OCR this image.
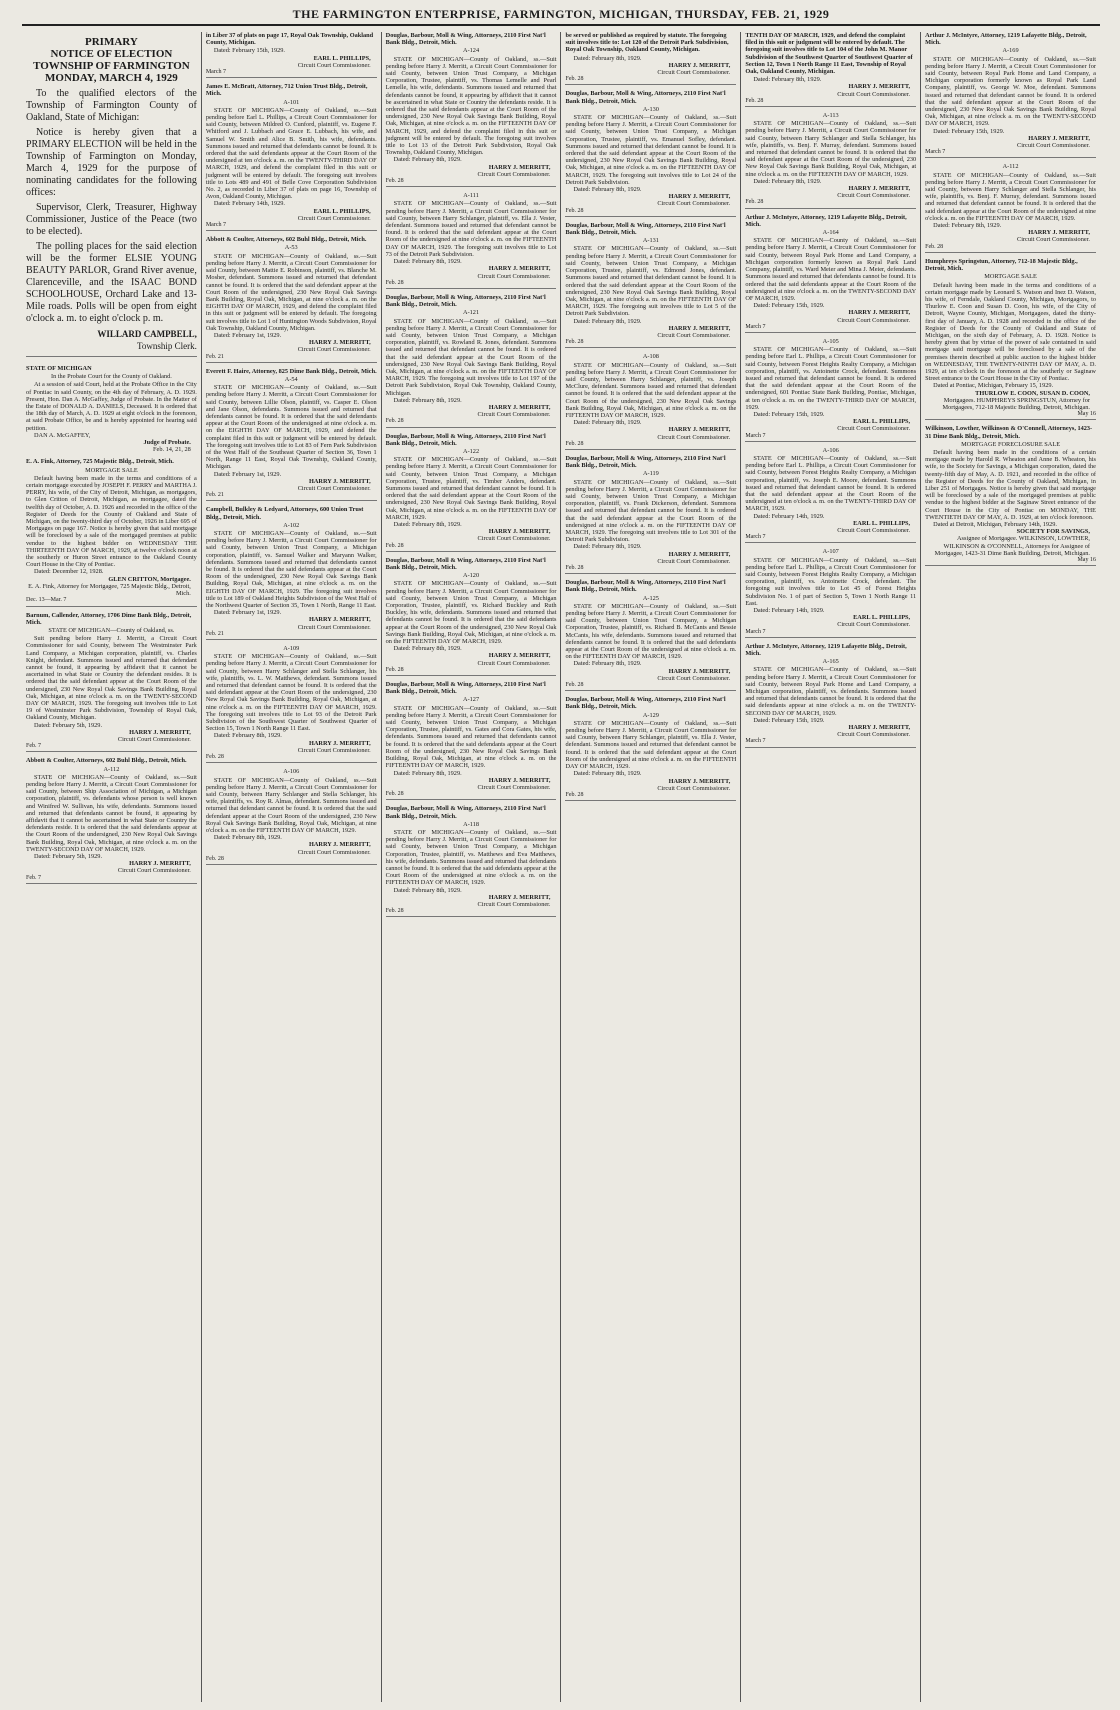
THE FARMINGTON ENTERPRISE, FARMINGTON, MICHIGAN, THURSDAY, FEB. 21, 1929
PRIMARY
NOTICE OF ELECTION
TOWNSHIP OF FARMINGTON
MONDAY, MARCH 4, 1929

To the qualified electors of the Township of Farmington County of Oakland, State of Michigan:

Notice is hereby given that a PRIMARY ELECTION will be held in the Township of Farmington on Monday, March 4, 1929 for the purpose of nominating candidates for the following offices:

Supervisor, Clerk, Treasurer, Highway Commissioner, Justice of the Peace (two to be elected).

The polling places for the said election will be the former ELSIE YOUNG BEAUTY PARLOR, Grand River avenue, Clarenceville, and the ISAAC BOND SCHOOLHOUSE, Orchard Lake and 13-Mile roads. Polls will be open from eight o'clock a. m. to eight o'clock p. m.

WILLARD CAMPBELL,
Township Clerk.
STATE OF MICHIGAN
In the Probate Court for the County of Oakland.
At a session of said Court, held at the Probate Office in the City of Pontiac in said County, on the 4th day of February, A. D. 1929. Present, Hon. Dan A. McGaffey, Judge of Probate. In the Matter of the Estate of DONALD A. DANIELS, Deceased. It is ordered that the 18th day of March, A. D. 1929 at eight o'clock in the forenoon, at said Probate Office, be and is hereby appointed for hearing said petition.
DAN A. McGAFFEY,
Judge of Probate.
Feb. 14, 21, 28
E. A. Fink, Attorney, 725 Majestic Bldg., Detroit, Mich.
MORTGAGE SALE
Default having been made in the terms and conditions of a certain mortgage executed by JOSEPH F. PERRY and MARTHA J. PERRY, his wife, of the City of Detroit, Michigan, as mortgagors, to Glen Critton of Detroit, Michigan, as mortgagee, dated the twelfth day of October, A. D. 1926 and recorded in the office of the Register of Deeds for the County of Oakland and State of Michigan, on the twenty-third day of October, 1926 in Liber 695 of Mortgages on page 167. Notice is hereby given that said mortgage will be foreclosed by a sale of the mortgaged premises at public vendue to the highest bidder on WEDNESDAY THE THIRTEENTH DAY OF MARCH, 1929, at twelve o'clock noon at the southerly or Huron Street entrance to the Oakland County Court House in the City of Pontiac.
Dated: December 12, 1928.
GLEN CRITTON, Mortgagee.
E. A. Fink, Attorney for Mortgagee, 725 Majestic Bldg., Detroit, Mich.
Dec. 13—Mar. 7
Barnum, Callender, Attorney, 1706 Dime Bank Bldg., Detroit, Mich.
STATE OF MICHIGAN—County of Oakland, ss.
Suit pending before Harry J. Merritt, a Circuit Court Commissioner for said County, between The Westminster Park Land Company, a Michigan corporation, plaintiff, vs. Charles Knight, defendant. Summons issued and returned that defendant cannot be found, it appearing by affidavit that it cannot be ascertained in what State or Country the defendant resides. It is ordered that the said defendant appear at the Court Room of the undersigned, 230 New Royal Oak Savings Bank Building, Royal Oak, Michigan, at nine o'clock a. m. on the TWENTY-SECOND DAY OF MARCH, 1929. The foregoing suit involves title to Lot 19 of Westminster Park Subdivision, Township of Royal Oak, Oakland County, Michigan.
Dated: February 5th, 1929.
HARRY J. MERRITT,
Circuit Court Commissioner.
Feb. 7
Abbott & Coulter, Attorneys, 602 Buhl Bldg., Detroit, Mich.
A-112
STATE OF MICHIGAN—County of Oakland, ss.—Suit pending before Harry J. Merritt, a Circuit Court Commissioner for said County, between Ship Association of Michigan, a Michigan corporation, plaintiff, vs. defendants whose person is well known and Winifred W. Sullivan, his wife, defendants. Summons issued and returned that defendants cannot be found, it appearing by affidavit that it cannot be ascertained in what State or Country the defendants reside. It is ordered that the said defendants appear at the Court Room of the undersigned, 230 New Royal Oak Savings Bank Building, Royal Oak, Michigan, at nine o'clock a. m. on the TWENTY-SECOND DAY OF MARCH, 1929.
Dated: February 5th, 1929.
HARRY J. MERRITT,
Circuit Court Commissioner.
Feb. 7
in Liber 37 of plats on page 17, Royal Oak Township, Oakland County, Michigan.
Dated: February 15th, 1929.
EARL L. PHILLIPS,
Circuit Court Commissioner.
March 7
James E. McBratt, Attorney, 712 Union Trust Bldg., Detroit, Mich.
A-101
STATE OF MICHIGAN—County of Oakland, ss.—Suit pending before Earl L. Phillips, a Circuit Court Commissioner for said County, between Mildred O. Cunford, plaintiff, vs. Eugene F. Whitford and J. Lubbach and Grace E. Lubbach, his wife, and Samuel W. Smith and Alice B. Smith, his wife, defendants. Summons issued and returned that defendants cannot be found. It is ordered that the said defendants appear at the Court Room of the undersigned at ten o'clock a. m. on the TWENTY-THIRD DAY OF MARCH, 1929, and defend the complaint filed in this suit or judgment will be entered by default. The foregoing suit involves title to Lots 489 and 491 of Belle Cove Corporation Subdivision No. 2, as recorded in Liber 37 of plats on page 16, Township of Avon, Oakland County, Michigan.
Dated: February 14th, 1929.
EARL L. PHILLIPS,
Circuit Court Commissioner.
March 7
Abbott & Coulter, Attorneys, 602 Buhl Bldg., Detroit, Mich.
A-53
STATE OF MICHIGAN—County of Oakland, ss.—Suit pending before Harry J. Merritt, a Circuit Court Commissioner for said County, between Mattie E. Robinson, plaintiff, vs. Blanche M. Mosher, defendant. Summons issued and returned that defendant cannot be found. It is ordered that the said defendant appear at the Court Room of the undersigned, 230 New Royal Oak Savings Bank Building, Royal Oak, Michigan, at nine o'clock a. m. on the EIGHTH DAY OF MARCH, 1929, and defend the complaint filed in this suit or judgment will be entered by default. The foregoing suit involves title to Lot 1 of Huntington Woods Subdivision, Royal Oak Township, Oakland County, Michigan.
Dated: February 1st, 1929.
HARRY J. MERRITT,
Circuit Court Commissioner.
Feb. 21
Everett F. Haire, Attorney, 825 Dime Bank Bldg., Detroit, Mich.
A-54
STATE OF MICHIGAN—County of Oakland, ss.—Suit pending before Harry J. Merritt, a Circuit Court Commissioner for said County, between Lillie Olson, plaintiff, vs. Casper E. Olson and Jane Olson, defendants. Summons issued and returned that defendants cannot be found. It is ordered that the said defendants appear at the Court Room of the undersigned at nine o'clock a. m. on the EIGHTH DAY OF MARCH, 1929, and defend the complaint filed in this suit or judgment will be entered by default. The foregoing suit involves title to Lot 83 of Fern Park Subdivision of the West Half of the Southeast Quarter of Section 36, Town 1 North, Range 11 East, Royal Oak Township, Oakland County, Michigan.
Dated: February 1st, 1929.
HARRY J. MERRITT,
Circuit Court Commissioner.
Feb. 21
Campbell, Bulkley & Ledyard, Attorneys, 600 Union Trust Bldg., Detroit, Mich.
A-102
STATE OF MICHIGAN—County of Oakland, ss.—Suit pending before Harry J. Merritt, a Circuit Court Commissioner for said County, between Union Trust Company, a Michigan corporation, plaintiff, vs. Samuel Walker and Maryann Walker, defendants. Summons issued and returned that defendants cannot be found. It is ordered that the said defendants appear at the Court Room of the undersigned, 230 New Royal Oak Savings Bank Building, Royal Oak, Michigan, at nine o'clock a. m. on the EIGHTH DAY OF MARCH, 1929. The foregoing suit involves title to Lot 189 of Oakland Heights Subdivision of the West Half of the Northwest Quarter of Section 35, Town 1 North, Range 11 East.
Dated: February 1st, 1929.
HARRY J. MERRITT,
Circuit Court Commissioner.
Feb. 21
A-109
STATE OF MICHIGAN—County of Oakland, ss.—Suit pending before Harry J. Merritt, a Circuit Court Commissioner for said County, between Harry Schlanger and Stella Schlanger, his wife, plaintiffs, vs. L. W. Matthews, defendant. Summons issued and returned that defendant cannot be found. It is ordered that the said defendant appear at the Court Room of the undersigned, 230 New Royal Oak Savings Bank Building, Royal Oak, Michigan, at nine o'clock a. m. on the FIFTEENTH DAY OF MARCH, 1929. The foregoing suit involves title to Lot 93 of the Detroit Park Subdivision of the Southwest Quarter of Southwest Quarter of Section 15, Town 1 North Range 11 East.
Dated: February 8th, 1929.
HARRY J. MERRITT,
Circuit Court Commissioner.
Feb. 28
A-106
STATE OF MICHIGAN—County of Oakland, ss.—Suit pending before Harry J. Merritt, a Circuit Court Commissioner for said County, between Harry Schlanger and Stella Schlanger, his wife, plaintiffs, vs. Roy R. Almas, defendant. Summons issued and returned that defendant cannot be found. It is ordered that the said defendant appear at the Court Room of the undersigned, 230 New Royal Oak Savings Bank Building, Royal Oak, Michigan, at nine o'clock a. m. on the FIFTEENTH DAY OF MARCH, 1929.
Dated: February 8th, 1929.
HARRY J. MERRITT,
Circuit Court Commissioner.
Feb. 28
Douglas, Barbour, Moll & Wing, Attorneys, 2110 First Nat'l Bank Bldg., Detroit, Mich.
A-124
STATE OF MICHIGAN—County of Oakland, ss.—Suit pending before Harry J. Merritt, a Circuit Court Commissioner for said County, between Union Trust Company, a Michigan Corporation, Trustee, plaintiff, vs. Thomas Lemelle and Pearl Lemelle, his wife, defendants. Summons issued and returned that defendants cannot be found, it appearing by affidavit that it cannot be ascertained in what State or Country the defendants reside. It is ordered that the said defendants appear at the Court Room of the undersigned, 230 New Royal Oak Savings Bank Building, Royal Oak, Michigan, at nine o'clock a. m. on the FIFTEENTH DAY OF MARCH, 1929, and defend the complaint filed in this suit or judgment will be entered by default. The foregoing suit involves title to Lot 13 of the Detroit Park Subdivision, Royal Oak Township, Oakland County, Michigan.
Dated: February 8th, 1929.
HARRY J. MERRITT,
Circuit Court Commissioner.
Feb. 28
A-111
STATE OF MICHIGAN—County of Oakland, ss.—Suit pending before Harry J. Merritt, a Circuit Court Commissioner for said County, between Harry Schlanger, plaintiff, vs. Ella J. Vester, defendant. Summons issued and returned that defendant cannot be found. It is ordered that the said defendant appear at the Court Room of the undersigned at nine o'clock a. m. on the FIFTEENTH DAY OF MARCH, 1929. The foregoing suit involves title to Lot 73 of the Detroit Park Subdivision.
Dated: February 8th, 1929.
HARRY J. MERRITT,
Circuit Court Commissioner.
Feb. 28
Douglas, Barbour, Moll & Wing, Attorneys, 2110 First Nat'l Bank Bldg., Detroit, Mich.
A-121
STATE OF MICHIGAN—County of Oakland, ss.—Suit pending before Harry J. Merritt, a Circuit Court Commissioner for said County, between Union Trust Company, a Michigan corporation, plaintiff, vs. Rowland R. Jones, defendant. Summons issued and returned that defendant cannot be found. It is ordered that the said defendant appear at the Court Room of the undersigned, 230 New Royal Oak Savings Bank Building, Royal Oak, Michigan, at nine o'clock a. m. on the FIFTEENTH DAY OF MARCH, 1929. The foregoing suit involves title to Lot 197 of the Detroit Park Subdivision, Royal Oak Township, Oakland County, Michigan.
Dated: February 8th, 1929.
HARRY J. MERRITT,
Circuit Court Commissioner.
Feb. 28
Douglas, Barbour, Moll & Wing, Attorneys, 2110 First Nat'l Bank Bldg., Detroit, Mich.
A-122
STATE OF MICHIGAN—County of Oakland, ss.—Suit pending before Harry J. Merritt, a Circuit Court Commissioner for said County, between Union Trust Company, a Michigan Corporation, Trustee, plaintiff, vs. Timber Anders, defendant. Summons issued and returned that defendant cannot be found. It is ordered that the said defendant appear at the Court Room of the undersigned, 230 New Royal Oak Savings Bank Building, Royal Oak, Michigan, at nine o'clock a. m. on the FIFTEENTH DAY OF MARCH, 1929.
Dated: February 8th, 1929.
HARRY J. MERRITT,
Circuit Court Commissioner.
Feb. 28
Douglas, Barbour, Moll & Wing, Attorneys, 2110 First Nat'l Bank Bldg., Detroit, Mich.
A-120
STATE OF MICHIGAN—County of Oakland, ss.—Suit pending before Harry J. Merritt, a Circuit Court Commissioner for said County, between Union Trust Company, a Michigan Corporation, Trustee, plaintiff, vs. Richard Buckley and Ruth Buckley, his wife, defendants. Summons issued and returned that defendants cannot be found. It is ordered that the said defendants appear at the Court Room of the undersigned, 230 New Royal Oak Savings Bank Building, Royal Oak, Michigan, at nine o'clock a. m. on the FIFTEENTH DAY OF MARCH, 1929.
Dated: February 8th, 1929.
HARRY J. MERRITT,
Circuit Court Commissioner.
Feb. 28
Douglas, Barbour, Moll & Wing, Attorneys, 2110 First Nat'l Bank Bldg., Detroit, Mich.
A-127
STATE OF MICHIGAN—County of Oakland, ss.—Suit pending before Harry J. Merritt, a Circuit Court Commissioner for said County, between Union Trust Company, a Michigan Corporation, Trustee, plaintiff, vs. Gates and Cora Gates, his wife, defendants. Summons issued and returned that defendants cannot be found. It is ordered that the said defendants appear at the Court Room of the undersigned, 230 New Royal Oak Savings Bank Building, Royal Oak, Michigan, at nine o'clock a. m. on the FIFTEENTH DAY OF MARCH, 1929.
Dated: February 8th, 1929.
HARRY J. MERRITT,
Circuit Court Commissioner.
Feb. 28
Douglas, Barbour, Moll & Wing, Attorneys, 2110 First Nat'l Bank Bldg., Detroit, Mich.
A-118
STATE OF MICHIGAN—County of Oakland, ss.—Suit pending before Harry J. Merritt, a Circuit Court Commissioner for said County, between Union Trust Company, a Michigan Corporation, Trustee, plaintiff, vs. Matthews and Eva Matthews, his wife, defendants. Summons issued and returned that defendants cannot be found. It is ordered that the said defendants appear at the Court Room of the undersigned at nine o'clock a. m. on the FIFTEENTH DAY OF MARCH, 1929.
Dated: February 8th, 1929.
HARRY J. MERRITT,
Circuit Court Commissioner.
Feb. 28
be served or published as required by statute. The foregoing suit involves title to: Lot 120 of the Detroit Park Subdivision, Royal Oak Township, Oakland County, Michigan.
Dated: February 8th, 1929.
HARRY J. MERRITT,
Circuit Court Commissioner.
Feb. 28
Douglas, Barbour, Moll & Wing, Attorneys, 2110 First Nat'l Bank Bldg., Detroit, Mich.
A-130
STATE OF MICHIGAN—County of Oakland, ss.—Suit pending before Harry J. Merritt, a Circuit Court Commissioner for said County, between Union Trust Company, a Michigan Corporation, Trustee, plaintiff, vs. Emanuel Sofley, defendant. Summons issued and returned that defendant cannot be found. It is ordered that the said defendant appear at the Court Room of the undersigned, 230 New Royal Oak Savings Bank Building, Royal Oak, Michigan, at nine o'clock a. m. on the FIFTEENTH DAY OF MARCH, 1929. The foregoing suit involves title to Lot 24 of the Detroit Park Subdivision.
Dated: February 8th, 1929.
HARRY J. MERRITT,
Circuit Court Commissioner.
Feb. 28
Douglas, Barbour, Moll & Wing, Attorneys, 2110 First Nat'l Bank Bldg., Detroit, Mich.
A-131
STATE OF MICHIGAN—County of Oakland, ss.—Suit pending before Harry J. Merritt, a Circuit Court Commissioner for said County, between Union Trust Company, a Michigan Corporation, Trustee, plaintiff, vs. Edmond Jones, defendant. Summons issued and returned that defendant cannot be found. It is ordered that the said defendant appear at the Court Room of the undersigned, 230 New Royal Oak Savings Bank Building, Royal Oak, Michigan, at nine o'clock a. m. on the FIFTEENTH DAY OF MARCH, 1929. The foregoing suit involves title to Lot 5 of the Detroit Park Subdivision.
Dated: February 8th, 1929.
HARRY J. MERRITT,
Circuit Court Commissioner.
Feb. 28
A-108
STATE OF MICHIGAN—County of Oakland, ss.—Suit pending before Harry J. Merritt, a Circuit Court Commissioner for said County, between Harry Schlanger, plaintiff, vs. Joseph McClure, defendant. Summons issued and returned that defendant cannot be found. It is ordered that the said defendant appear at the Court Room of the undersigned, 230 New Royal Oak Savings Bank Building, Royal Oak, Michigan, at nine o'clock a. m. on the FIFTEENTH DAY OF MARCH, 1929.
Dated: February 8th, 1929.
HARRY J. MERRITT,
Circuit Court Commissioner.
Feb. 28
Douglas, Barbour, Moll & Wing, Attorneys, 2110 First Nat'l Bank Bldg., Detroit, Mich.
A-119
STATE OF MICHIGAN—County of Oakland, ss.—Suit pending before Harry J. Merritt, a Circuit Court Commissioner for said County, between Union Trust Company, a Michigan corporation, plaintiff, vs. Frank Dickerson, defendant. Summons issued and returned that defendant cannot be found. It is ordered that the said defendant appear at the Court Room of the undersigned at nine o'clock a. m. on the FIFTEENTH DAY OF MARCH, 1929. The foregoing suit involves title to Lot 301 of the Detroit Park Subdivision.
Dated: February 8th, 1929.
HARRY J. MERRITT,
Circuit Court Commissioner.
Feb. 28
Douglas, Barbour, Moll & Wing, Attorneys, 2110 First Nat'l Bank Bldg., Detroit, Mich.
A-125
STATE OF MICHIGAN—County of Oakland, ss.—Suit pending before Harry J. Merritt, a Circuit Court Commissioner for said County, between Union Trust Company, a Michigan Corporation, Trustee, plaintiff, vs. Richard B. McCants and Bessie McCants, his wife, defendants. Summons issued and returned that defendants cannot be found. It is ordered that the said defendants appear at the Court Room of the undersigned at nine o'clock a. m. on the FIFTEENTH DAY OF MARCH, 1929.
Dated: February 8th, 1929.
HARRY J. MERRITT,
Circuit Court Commissioner.
Feb. 28
Douglas, Barbour, Moll & Wing, Attorneys, 2110 First Nat'l Bank Bldg., Detroit, Mich.
A-129
STATE OF MICHIGAN—County of Oakland, ss.—Suit pending before Harry J. Merritt, a Circuit Court Commissioner for said County, between Harry Schlanger, plaintiff, vs. Ella J. Vester, defendant. Summons issued and returned that defendant cannot be found. It is ordered that the said defendant appear at the Court Room of the undersigned at nine o'clock a. m. on the FIFTEENTH DAY OF MARCH, 1929.
Dated: February 8th, 1929.
HARRY J. MERRITT,
Circuit Court Commissioner.
Feb. 28
TENTH DAY OF MARCH, 1929, and defend the complaint filed in this suit or judgment will be entered by default. The foregoing suit involves title to Lot 104 of the John M. Manor Subdivision of the Southwest Quarter of Southwest Quarter of Section 12, Town 1 North Range 11 East, Township of Royal Oak, Oakland County, Michigan.
Dated: February 8th, 1929.
HARRY J. MERRITT,
Circuit Court Commissioner.
Feb. 28
A-113
STATE OF MICHIGAN—County of Oakland, ss.—Suit pending before Harry J. Merritt, a Circuit Court Commissioner for said County, between Harry Schlanger and Stella Schlanger, his wife, plaintiffs, vs. Benj. F. Murray, defendant. Summons issued and returned that defendant cannot be found. It is ordered that the said defendant appear at the Court Room of the undersigned, 230 New Royal Oak Savings Bank Building, Royal Oak, Michigan, at nine o'clock a. m. on the FIFTEENTH DAY OF MARCH, 1929.
Dated: February 8th, 1929.
HARRY J. MERRITT,
Circuit Court Commissioner.
Feb. 28
Arthur J. McIntyre, Attorney, 1219 Lafayette Bldg., Detroit, Mich.
A-164
STATE OF MICHIGAN—County of Oakland, ss.—Suit pending before Harry J. Merritt, a Circuit Court Commissioner for said County, between Royal Park Home and Land Company, a Michigan corporation formerly known as Royal Park Land Company, plaintiff, vs. Ward Meier and Mina J. Meier, defendants. Summons issued and returned that defendants cannot be found. It is ordered that the said defendants appear at the Court Room of the undersigned at nine o'clock a. m. on the TWENTY-SECOND DAY OF MARCH, 1929.
Dated: February 15th, 1929.
HARRY J. MERRITT,
Circuit Court Commissioner.
March 7
A-105
STATE OF MICHIGAN—County of Oakland, ss.—Suit pending before Earl L. Phillips, a Circuit Court Commissioner for said County, between Forest Heights Realty Company, a Michigan corporation, plaintiff, vs. Antoinette Crock, defendant. Summons issued and returned that defendant cannot be found. It is ordered that the said defendant appear at the Court Room of the undersigned, 601 Pontiac State Bank Building, Pontiac, Michigan, at ten o'clock a. m. on the TWENTY-THIRD DAY OF MARCH, 1929.
Dated: February 15th, 1929.
EARL L. PHILLIPS,
Circuit Court Commissioner.
March 7
A-106
STATE OF MICHIGAN—County of Oakland, ss.—Suit pending before Earl L. Phillips, a Circuit Court Commissioner for said County, between Forest Heights Realty Company, a Michigan corporation, plaintiff, vs. Joseph E. Moore, defendant. Summons issued and returned that defendant cannot be found. It is ordered that the said defendant appear at the Court Room of the undersigned at ten o'clock a. m. on the TWENTY-THIRD DAY OF MARCH, 1929.
Dated: February 14th, 1929.
EARL L. PHILLIPS,
Circuit Court Commissioner.
March 7
A-107
STATE OF MICHIGAN—County of Oakland, ss.—Suit pending before Earl L. Phillips, a Circuit Court Commissioner for said County, between Forest Heights Realty Company, a Michigan corporation, plaintiff, vs. Antoinette Crock, defendant. The foregoing suit involves title to Lot 45 of Forest Heights Subdivision No. 1 of part of Section 5, Town 1 North Range 11 East.
Dated: February 14th, 1929.
EARL L. PHILLIPS,
Circuit Court Commissioner.
March 7
Arthur J. McIntyre, Attorney, 1219 Lafayette Bldg., Detroit, Mich.
A-165
STATE OF MICHIGAN—County of Oakland, ss.—Suit pending before Harry J. Merritt, a Circuit Court Commissioner for said County, between Royal Park Home and Land Company, a Michigan corporation, plaintiff, vs. defendants. Summons issued and returned that defendants cannot be found. It is ordered that the said defendants appear at nine o'clock a. m. on the TWENTY-SECOND DAY OF MARCH, 1929.
Dated: February 15th, 1929.
HARRY J. MERRITT,
Circuit Court Commissioner.
March 7
Arthur J. McIntyre, Attorney, 1219 Lafayette Bldg., Detroit, Mich.
A-169
STATE OF MICHIGAN—County of Oakland, ss.—Suit pending before Harry J. Merritt, a Circuit Court Commissioner for said County, between Royal Park Home and Land Company, a Michigan corporation formerly known as Royal Park Land Company, plaintiff, vs. George W. Moe, defendant. Summons issued and returned that defendant cannot be found. It is ordered that the said defendant appear at the Court Room of the undersigned, 230 New Royal Oak Savings Bank Building, Royal Oak, Michigan, at nine o'clock a. m. on the TWENTY-SECOND DAY OF MARCH, 1929.
Dated: February 15th, 1929.
HARRY J. MERRITT,
Circuit Court Commissioner.
March 7
A-112
STATE OF MICHIGAN—County of Oakland, ss.—Suit pending before Harry J. Merritt, a Circuit Court Commissioner for said County, between Harry Schlanger and Stella Schlanger, his wife, plaintiffs, vs. Benj. F. Murray, defendant. Summons issued and returned that defendant cannot be found. It is ordered that the said defendant appear at the Court Room of the undersigned at nine o'clock a. m. on the FIFTEENTH DAY OF MARCH, 1929.
Dated: February 8th, 1929.
HARRY J. MERRITT,
Circuit Court Commissioner.
Feb. 28
Humphreys Springstun, Attorney, 712-18 Majestic Bldg., Detroit, Mich.
MORTGAGE SALE
Default having been made in the terms and conditions of a certain mortgage made by Leonard S. Watson and Inez D. Watson, his wife, of Ferndale, Oakland County, Michigan, Mortgagors, to Thurlow E. Coon and Susan D. Coon, his wife, of the City of Detroit, Wayne County, Michigan, Mortgagees, dated the thirty-first day of January, A. D. 1928 and recorded in the office of the Register of Deeds for the County of Oakland and State of Michigan, on the sixth day of February, A. D. 1928. Notice is hereby given that by virtue of the power of sale contained in said mortgage said mortgage will be foreclosed by a sale of the premises therein described at public auction to the highest bidder on WEDNESDAY, THE TWENTY-NINTH DAY OF MAY, A. D. 1929, at ten o'clock in the forenoon at the southerly or Saginaw Street entrance to the Court House in the City of Pontiac.
Dated at Pontiac, Michigan, February 15, 1929.
THURLOW E. COON, SUSAN D. COON,
Mortgagees. HUMPHREYS SPRINGSTUN, Attorney for Mortgagees, 712-18 Majestic Building, Detroit, Michigan.
May 16
Wilkinson, Lowther, Wilkinson & O'Connell, Attorneys, 1423-31 Dime Bank Bldg., Detroit, Mich.
MORTGAGE FORECLOSURE SALE
Default having been made in the conditions of a certain mortgage made by Harold R. Wheaton and Anne B. Wheaton, his wife, to the Society for Savings, a Michigan corporation, dated the twenty-fifth day of May, A. D. 1921, and recorded in the office of the Register of Deeds for the County of Oakland, Michigan, in Liber 251 of Mortgages. Notice is hereby given that said mortgage will be foreclosed by a sale of the mortgaged premises at public vendue to the highest bidder at the Saginaw Street entrance of the Court House in the City of Pontiac on MONDAY, THE TWENTIETH DAY OF MAY, A. D. 1929, at ten o'clock forenoon.
Dated at Detroit, Michigan, February 14th, 1929.
SOCIETY FOR SAVINGS,
Assignee of Mortgagee. WILKINSON, LOWTHER, WILKINSON & O'CONNELL, Attorneys for Assignee of Mortgagee, 1423-31 Dime Bank Building, Detroit, Michigan.
May 16
